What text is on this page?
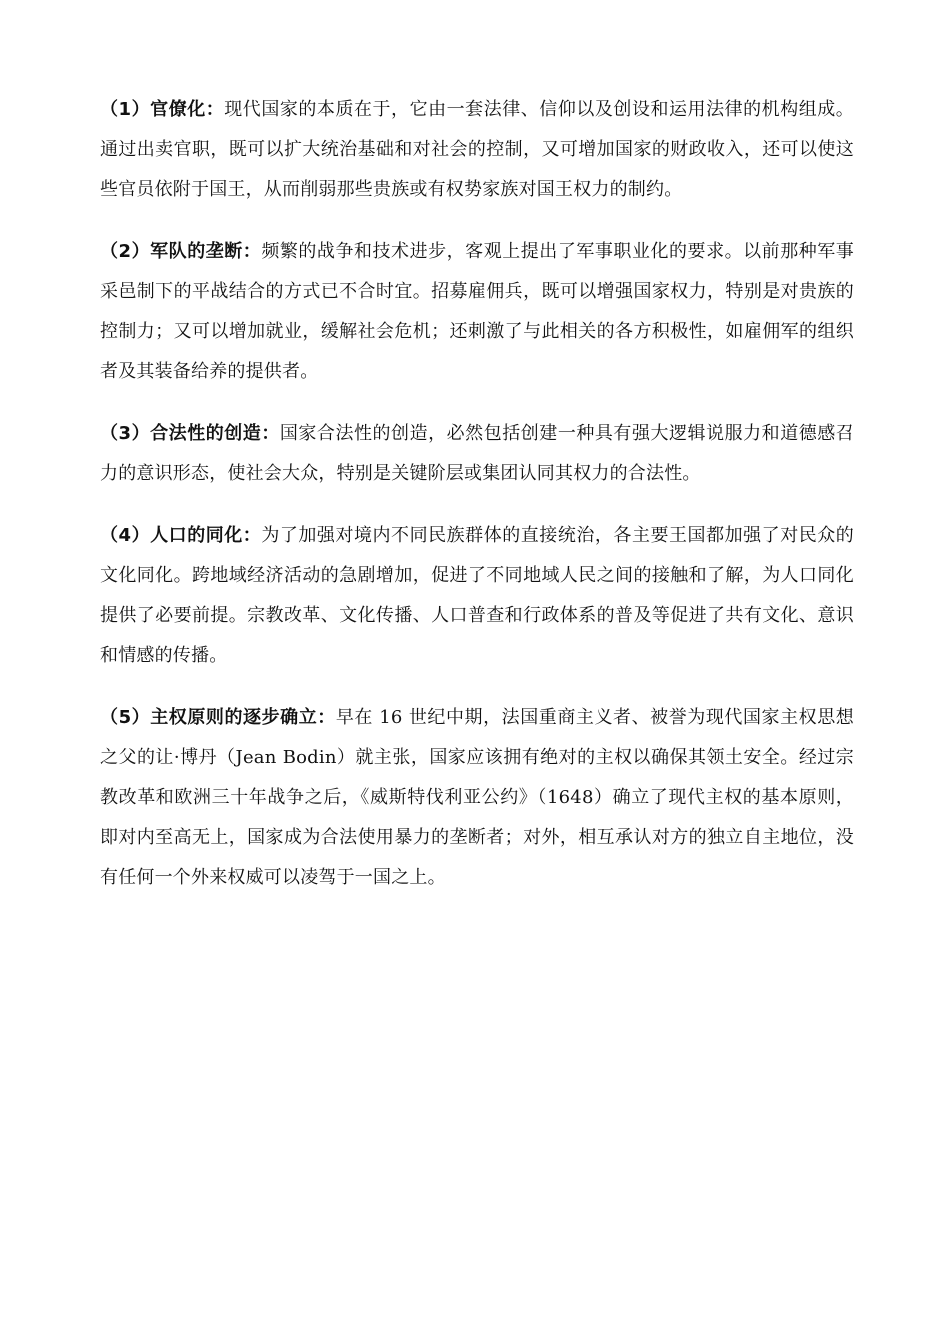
（1）官僚化：现代国家的本质在于，它由一套法律、信仰以及创设和运用法律的机构组成。通过出卖官职，既可以扩大统治基础和对社会的控制，又可增加国家的财政收入，还可以使这些官员依附于国王，从而削弱那些贵族或有权势家族对国王权力的制约。

（2）军队的垄断：频繁的战争和技术进步，客观上提出了军事职业化的要求。以前那种军事采邑制下的平战结合的方式已不合时宜。招募雇佣兵，既可以增强国家权力，特别是对贵族的控制力；又可以增加就业，缓解社会危机；还刺激了与此相关的各方积极性，如雇佣军的组织者及其装备给养的提供者。

（3）合法性的创造：国家合法性的创造，必然包括创建一种具有强大逻辑说服力和道德感召力的意识形态，使社会大众，特别是关键阶层或集团认同其权力的合法性。

（4）人口的同化：为了加强对境内不同民族群体的直接统治，各主要王国都加强了对民众的文化同化。跨地域经济活动的急剧增加，促进了不同地域人民之间的接触和了解，为人口同化提供了必要前提。宗教改革、文化传播、人口普查和行政体系的普及等促进了共有文化、意识和情感的传播。

（5）主权原则的逐步确立：早在 16 世纪中期，法国重商主义者、被誉为现代国家主权思想之父的让·博丹（Jean Bodin）就主张，国家应该拥有绝对的主权以确保其领土安全。经过宗教改革和欧洲三十年战争之后，《威斯特伐利亚公约》（1648）确立了现代主权的基本原则，即对内至高无上，国家成为合法使用暴力的垄断者；对外，相互承认对方的独立自主地位，没有任何一个外来权威可以凌驾于一国之上。
